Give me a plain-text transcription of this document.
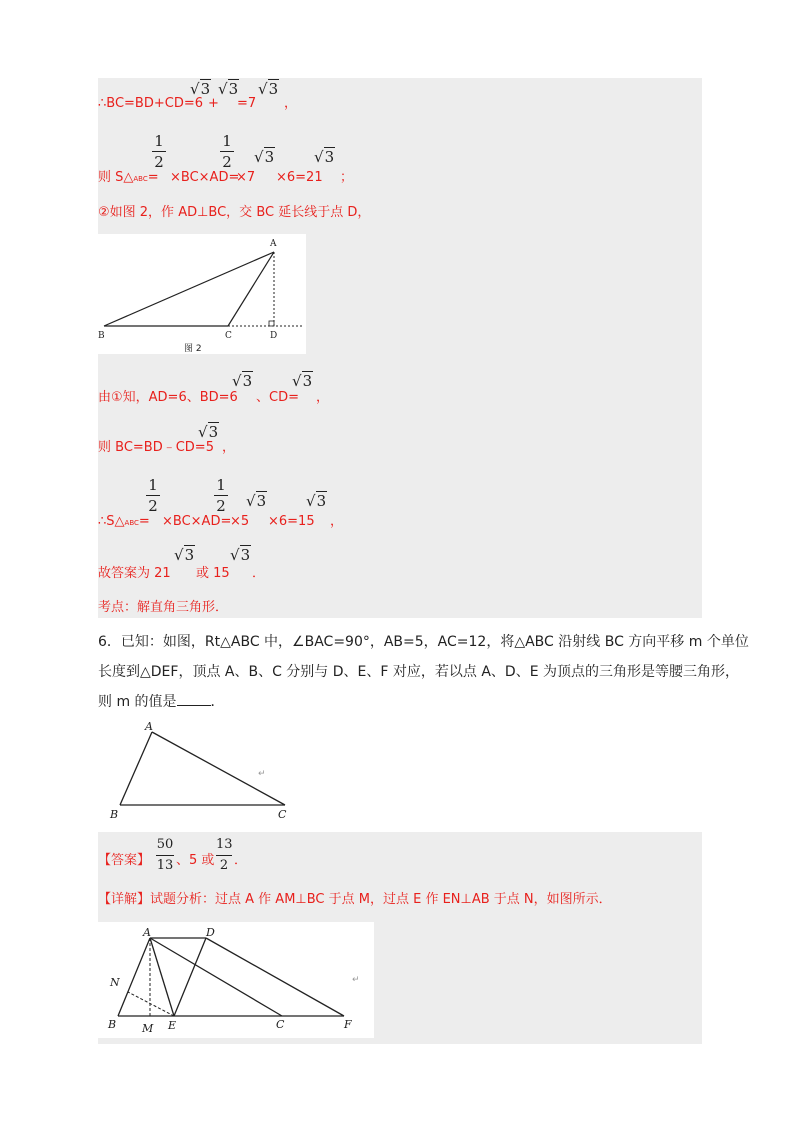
∴BC=BD+CD=6
√3
+
√3
=7
√3
，
则 S△ABC=
1
2
×BC×AD=
1
2
×7
√3
×6=21
√3
；
②如图 2，作 AD⊥BC，交 BC 延长线于点 D，
A
B	C	D
图 2
由①知，AD=6、BD=6
√3
、CD=
√3
，
则 BC=BD﹣CD=5
√3
，
∴S△ABC=
1
2
×BC×AD=
1
2
×5
√3
×6=15
√3
，
故答案为 21
√3
或 15
√3
．
考点：解直角三角形．
6．已知：如图，Rt△ABC 中，∠BAC=90°，AB=5，AC=12，将△ABC 沿射线 BC 方向平移 m 个单位
长度到△DEF，顶点 A、B、C 分别与 D、E、F 对应，若以点 A、D、E 为顶点的三角形是等腰三角形，
则 m 的值是 ．
A
B	C
↵
【答案】
50
13 、5 或
13
2 ．
【详解】试题分析：过点 A 作 AM⊥BC 于点 M，过点 E 作 EN⊥AB 于点 N，如图所示．
A	D
N
B M E	C	F
↵
